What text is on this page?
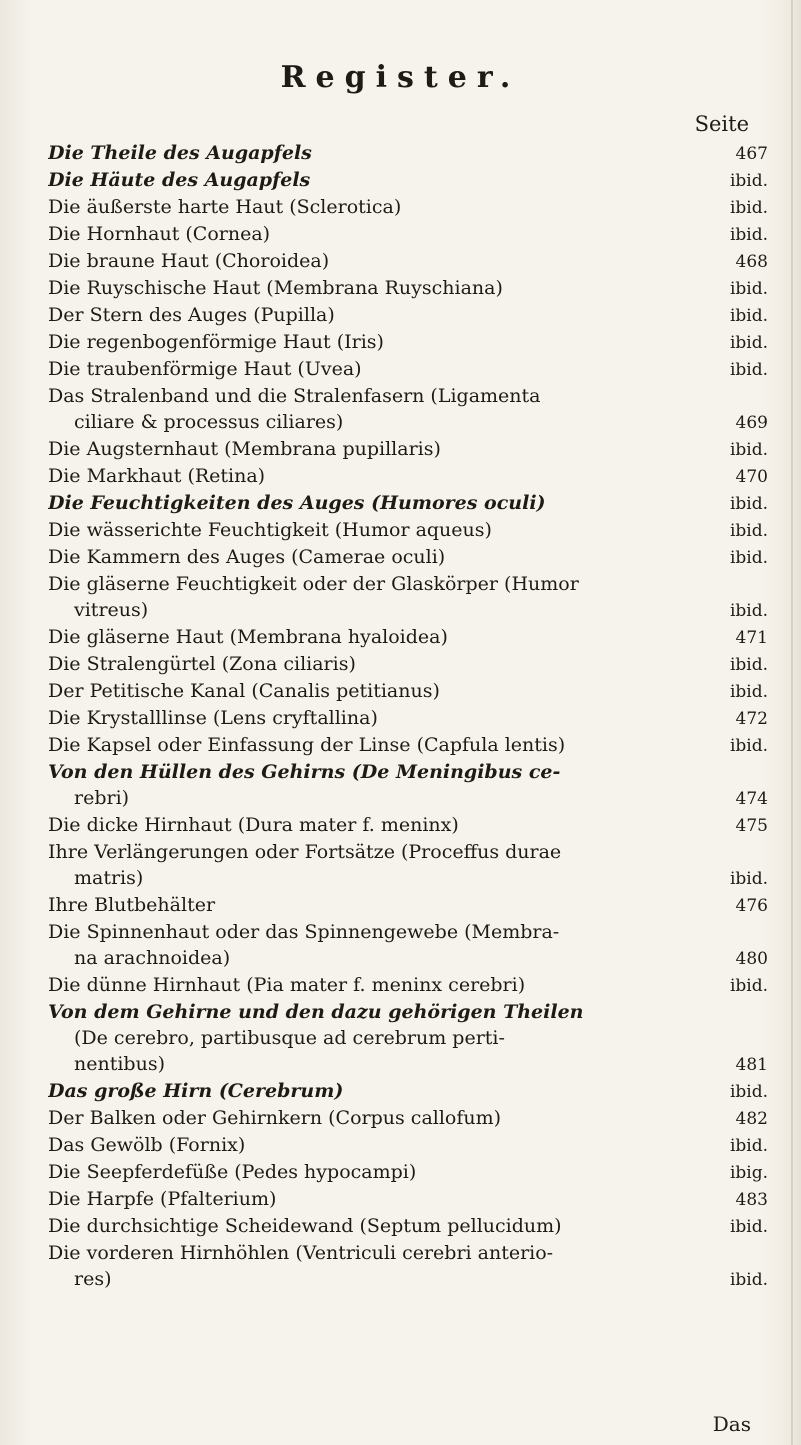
Register.
Seite
Die Theile des Augapfels	467
Die Häute des Augapfels	ibid.
Die äußerste harte Haut (Sclerotica)	ibid.
Die Hornhaut (Cornea)	ibid.
Die braune Haut (Choroidea)	468
Die Ruyschische Haut (Membrana Ruyschiana)	ibid.
Der Stern des Auges (Pupilla)	ibid.
Die regenbogenförmige Haut (Iris)	ibid.
Die traubenförmige Haut (Uvea)	ibid.
Das Stralenband und die Stralenfasern (Ligamenta
ciliare & processus ciliares)	469
Die Augsternhaut (Membrana pupillaris)	ibid.
Die Markhaut (Retina)	470
Die Feuchtigkeiten des Auges (Humores oculi)	ibid.
Die wässerichte Feuchtigkeit (Humor aqueus)	ibid.
Die Kammern des Auges (Camerae oculi)	ibid.
Die gläserne Feuchtigkeit oder der Glaskörper (Humor
vitreus)	ibid.
Die gläserne Haut (Membrana hyaloidea)	471
Die Stralengürtel (Zona ciliaris)	ibid.
Der Petitische Kanal (Canalis petitianus)	ibid.
Die Krystalllinse (Lens cryftallina)	472
Die Kapsel oder Einfassung der Linse (Capfula lentis)	ibid.
Von den Hüllen des Gehirns (De Meningibus ce-
rebri)	474
Die dicke Hirnhaut (Dura mater f. meninx)	475
Ihre Verlängerungen oder Fortsätze (Proceffus durae
matris)	ibid.
Ihre Blutbehälter	476
Die Spinnenhaut oder das Spinnengewebe (Membra-
na arachnoidea)	480
Die dünne Hirnhaut (Pia mater f. meninx cerebri)	ibid.
Von dem Gehirne und den dazu gehörigen Theilen
(De cerebro, partibusque ad cerebrum perti-
nentibus)	481
Das große Hirn (Cerebrum)	ibid.
Der Balken oder Gehirnkern (Corpus callofum)	482
Das Gewölb (Fornix)	ibid.
Die Seepferdefüße (Pedes hypocampi)	ibig.
Die Harpfe (Pfalterium)	483
Die durchsichtige Scheidewand (Septum pellucidum)	ibid.
Die vorderen Hirnhöhlen (Ventriculi cerebri anterio-
res)	ibid.
Das
